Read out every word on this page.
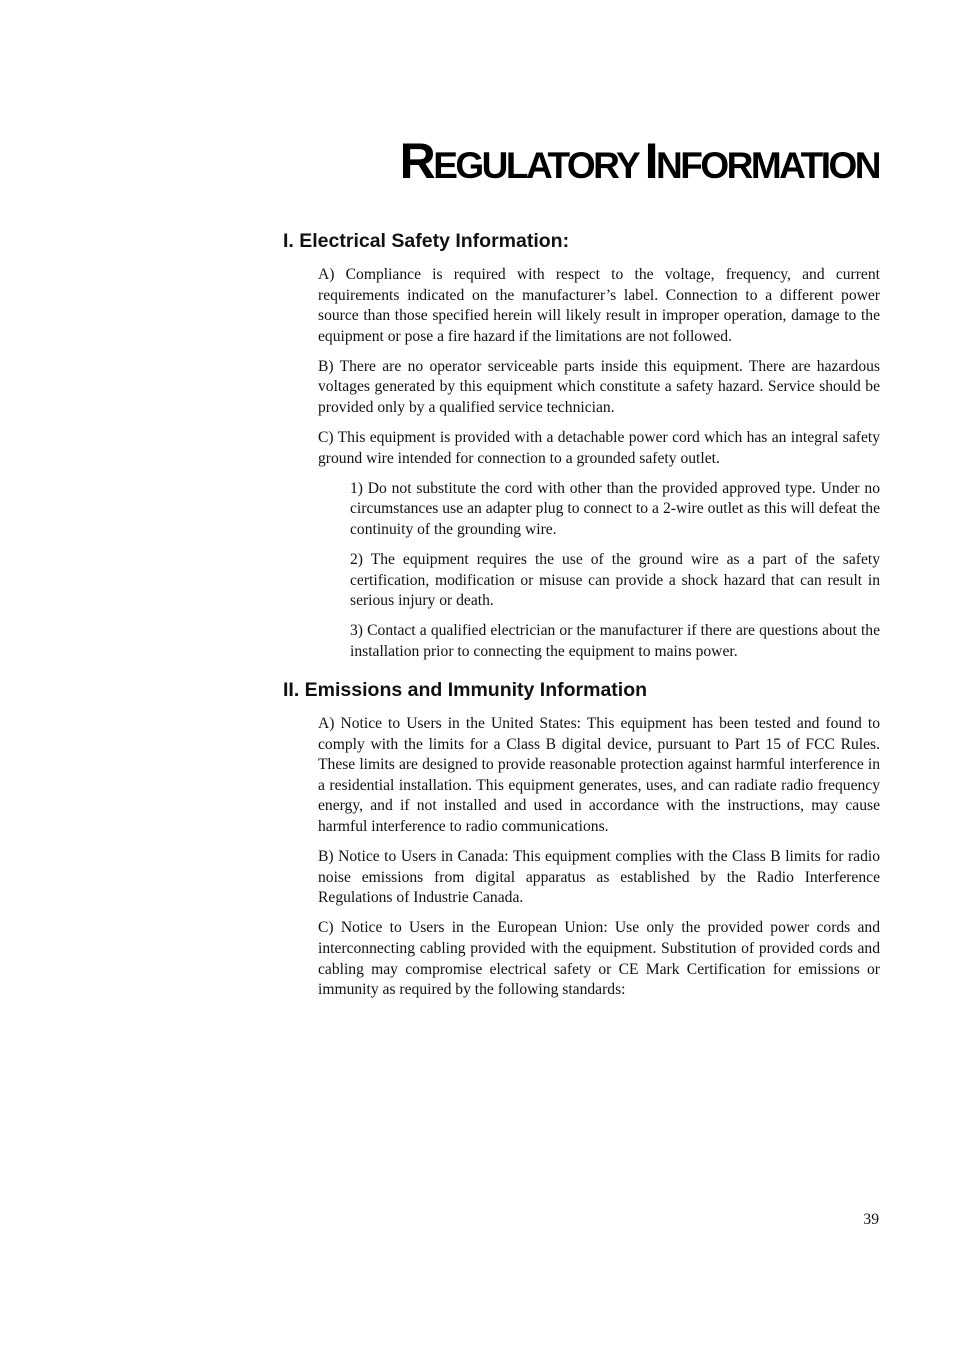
REGULATORY INFORMATION
I. Electrical Safety Information:

A) Compliance is required with respect to the voltage, frequency, and current requirements indicated on the manufacturer’s label. Connection to a different power source than those specified herein will likely result in improper operation, damage to the equipment or pose a fire hazard if the limitations are not followed.

B) There are no operator serviceable parts inside this equipment. There are hazardous voltages generated by this equipment which constitute a safety hazard. Service should be provided only by a qualified service technician.

C) This equipment is provided with a detachable power cord which has an integral safety ground wire intended for connection to a grounded safety outlet.

1) Do not substitute the cord with other than the provided approved type. Under no circumstances use an adapter plug to connect to a 2-wire outlet as this will defeat the continuity of the grounding wire.

2) The equipment requires the use of the ground wire as a part of the safety certification, modification or misuse can provide a shock hazard that can result in serious injury or death.

3) Contact a qualified electrician or the manufacturer if there are questions about the installation prior to connecting the equipment to mains power.

II. Emissions and Immunity Information

A) Notice to Users in the United States: This equipment has been tested and found to comply with the limits for a Class B digital device, pursuant to Part 15 of FCC Rules. These limits are designed to provide reasonable protection against harmful interference in a residential installation. This equipment generates, uses, and can radiate radio frequency energy, and if not installed and used in accordance with the instructions, may cause harmful interference to radio communications.

B) Notice to Users in Canada: This equipment complies with the Class B limits for radio noise emissions from digital apparatus as established by the Radio Interference Regulations of Industrie Canada.

C) Notice to Users in the European Union: Use only the provided power cords and interconnecting cabling provided with the equipment. Substitution of provided cords and cabling may compromise electrical safety or CE Mark Certification for emissions or immunity as required by the following standards:

39
